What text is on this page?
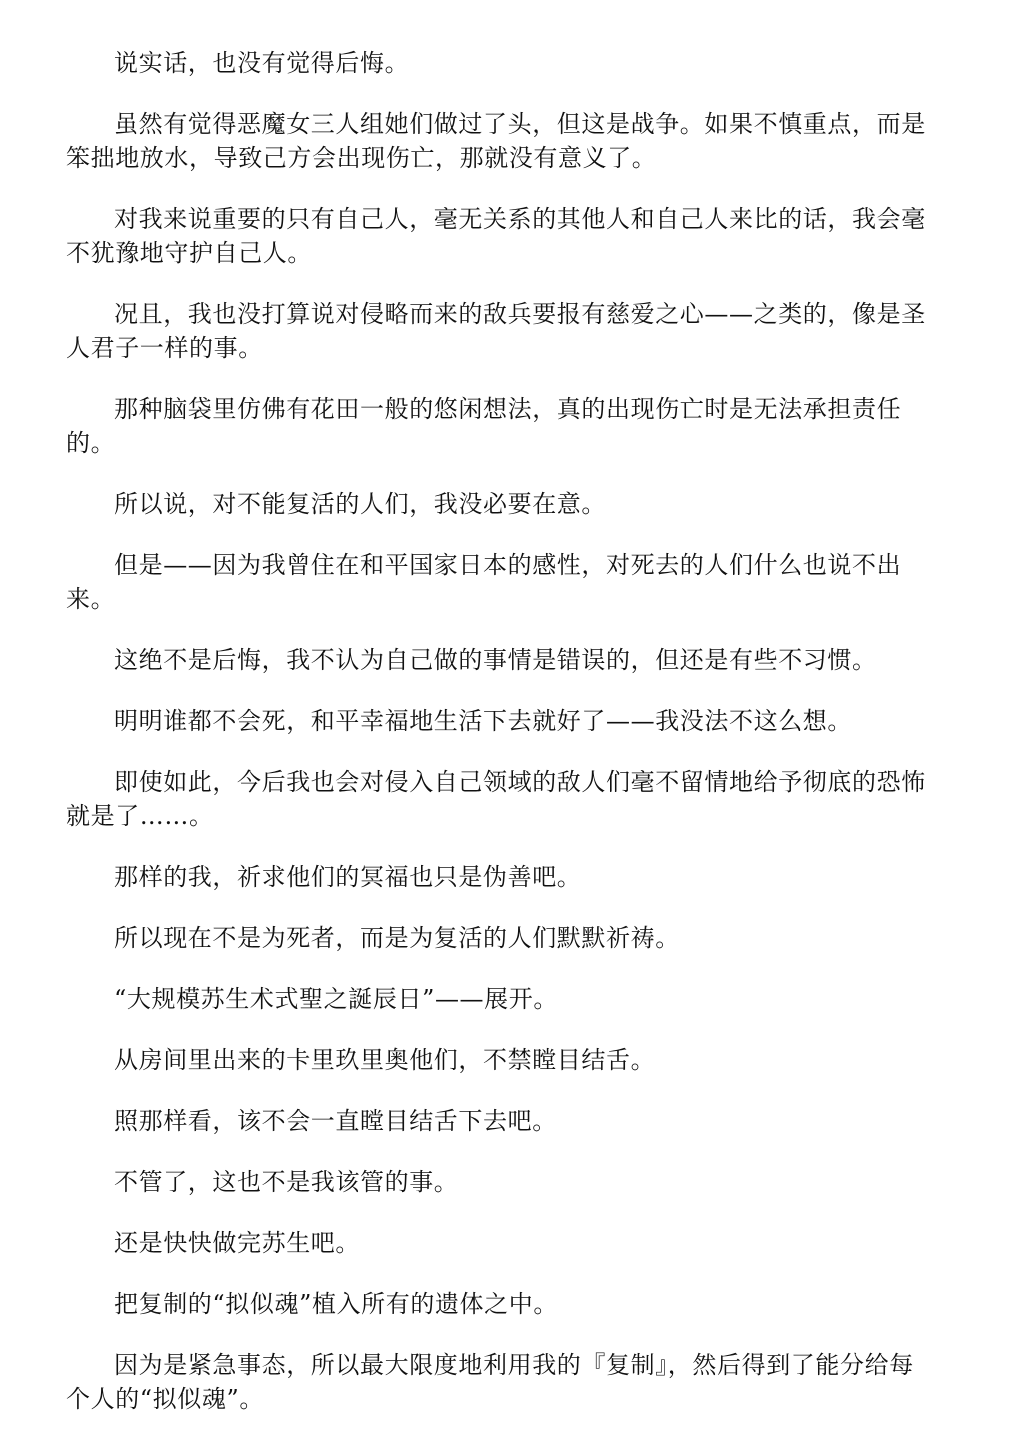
说实话，也没有觉得后悔。

虽然有觉得恶魔女三人组她们做过了头，但这是战争。如果不慎重点，而是笨拙地放水，导致己方会出现伤亡，那就没有意义了。

对我来说重要的只有自己人，毫无关系的其他人和自己人来比的话，我会毫不犹豫地守护自己人。

况且，我也没打算说对侵略而来的敌兵要报有慈爱之心——之类的，像是圣人君子一样的事。

那种脑袋里仿佛有花田一般的悠闲想法，真的出现伤亡时是无法承担责任的。

所以说，对不能复活的人们，我没必要在意。

但是——因为我曾住在和平国家日本的感性，对死去的人们什么也说不出来。

这绝不是后悔，我不认为自己做的事情是错误的，但还是有些不习惯。

明明谁都不会死，和平幸福地生活下去就好了——我没法不这么想。

即使如此，今后我也会对侵入自己领域的敌人们毫不留情地给予彻底的恐怖就是了……。

那样的我，祈求他们的冥福也只是伪善吧。

所以现在不是为死者，而是为复活的人们默默祈祷。

“大规模苏生术式聖之誕辰日”——展开。

从房间里出来的卡里玖里奥他们，不禁瞠目结舌。

照那样看，该不会一直瞠目结舌下去吧。

不管了，这也不是我该管的事。

还是快快做完苏生吧。

把复制的“拟似魂”植入所有的遗体之中。

因为是紧急事态，所以最大限度地利用我的『复制』，然后得到了能分给每个人的“拟似魂”。
